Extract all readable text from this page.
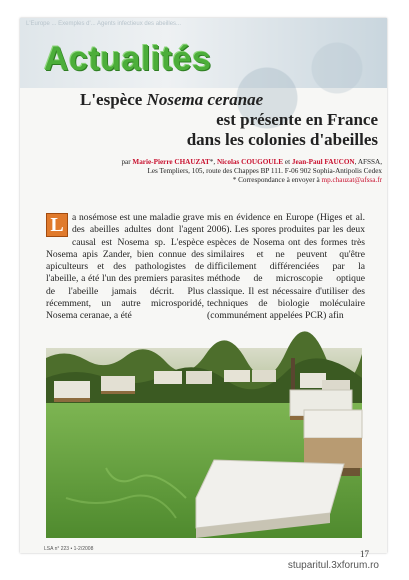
L'Europe ... Exemples d'... Agents infectieux des abeilles...
Actualités
L'espèce Nosema ceranae
est présente en France
dans les colonies d'abeilles
par Marie-Pierre CHAUZAT*, Nicolas COUGOULE et Jean-Paul FAUCON, AFSSA,
Les Templiers, 105, route des Chappes BP 111. F-06 902 Sophia-Antipolis Cedex
* Correspondance à envoyer à mp.chauzat@afssa.fr
L a nosémose est une maladie grave des abeilles adultes dont l'agent causal est Nosema sp. L'espèce Nosema apis Zander, bien connue des apiculteurs et des pathologistes de l'abeille, a été l'un des premiers parasites de l'abeille jamais décrit. Plus récemment, un autre microsporidé, Nosema ceranae, a été
mis en évidence en Europe (Higes et al. 2006). Les spores produites par les deux espèces de Nosema ont des formes très similaires et ne peuvent qu'être difficilement différenciées par la méthode de microscopie optique classique. Il est nécessaire d'utiliser des techniques de biologie moléculaire (communément appelées PCR) afin
LSA n° 223 • 1-2/2008	17
stuparitul.3xforum.ro
